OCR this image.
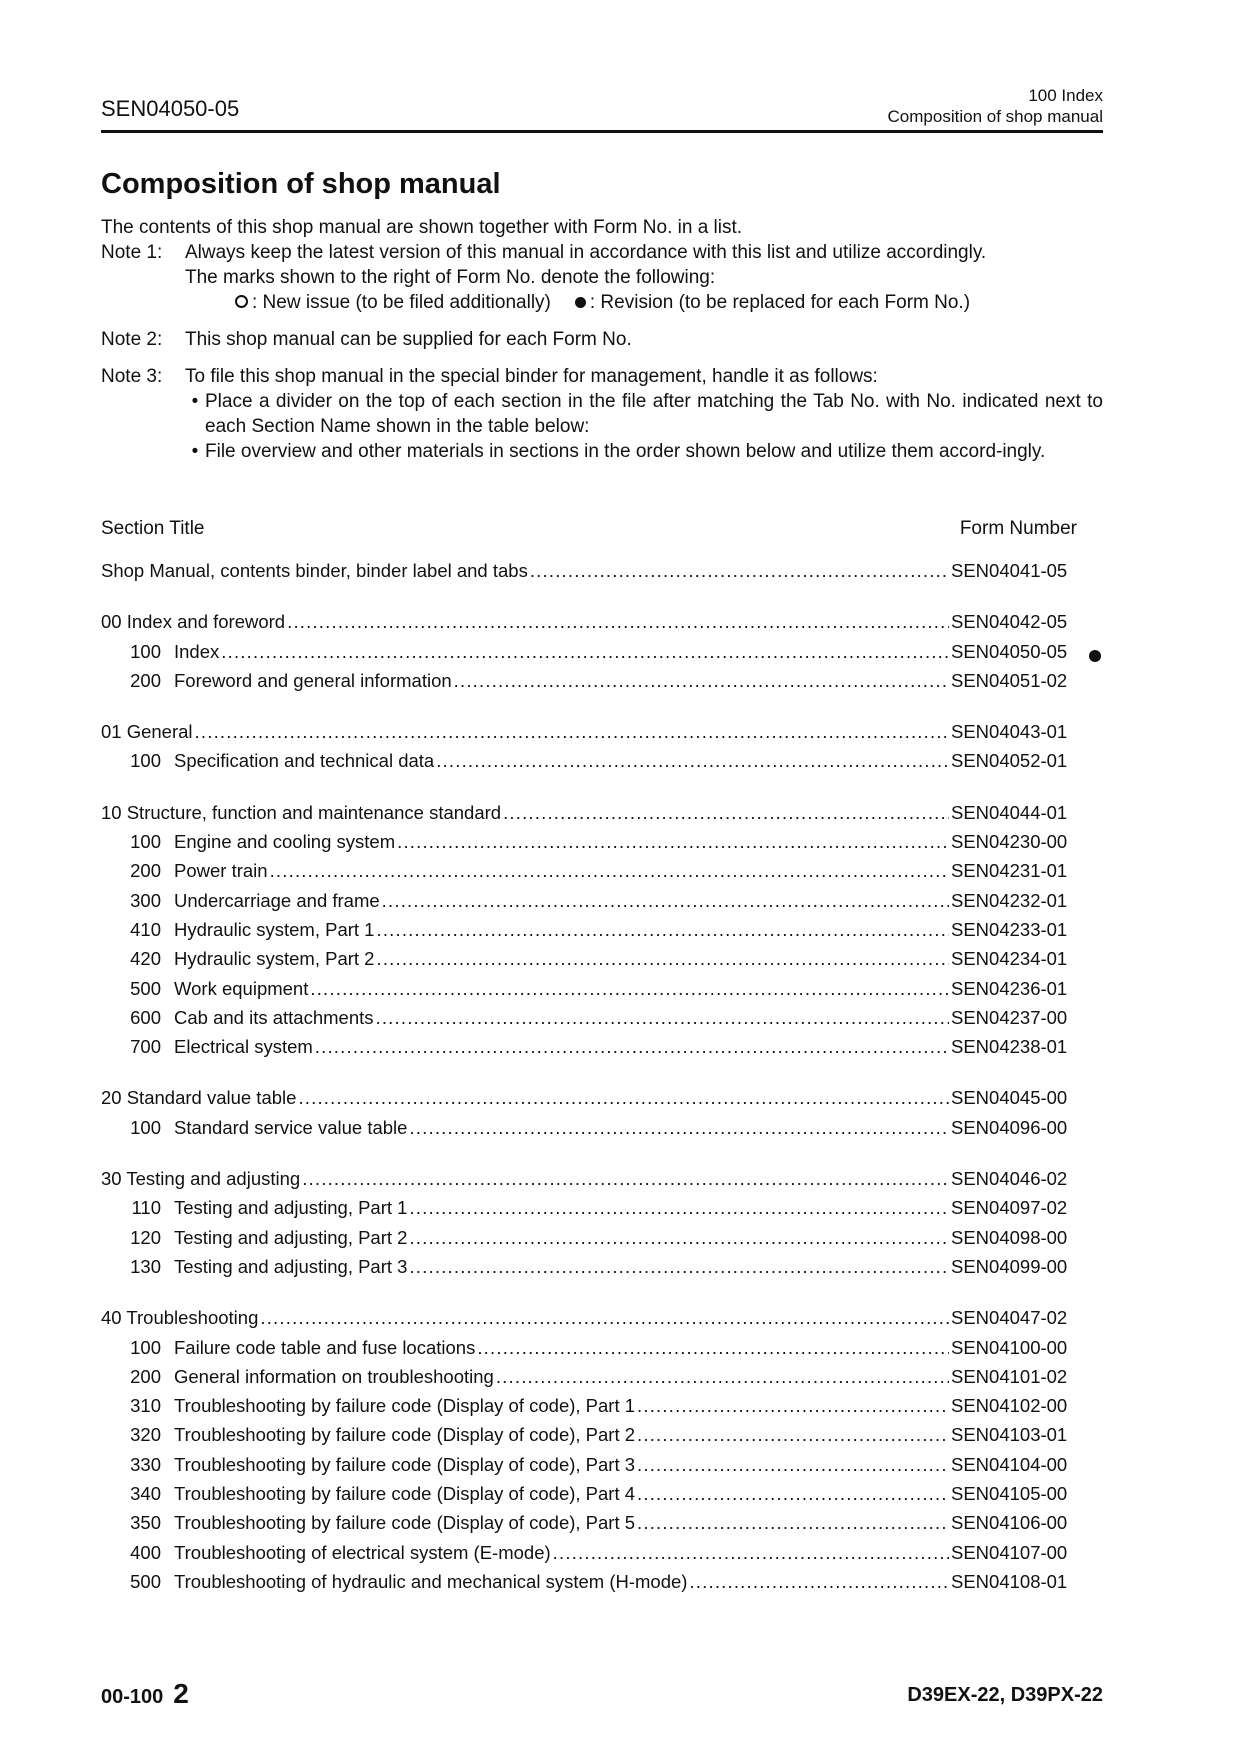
SEN04050-05
100 Index
Composition of shop manual
Composition of shop manual
The contents of this shop manual are shown together with Form No. in a list.
Note 1:	Always keep the latest version of this manual in accordance with this list and utilize accordingly.
The marks shown to the right of Form No. denote the following:
: New issue (to be filed additionally)	: Revision (to be replaced for each Form No.)
Note 2:	This shop manual can be supplied for each Form No.
Note 3:	To file this shop manual in the special binder for management, handle it as follows:
• Place a divider on the top of each section in the file after matching the Tab No. with No. indicated next to each Section Name shown in the table below:
• File overview and other materials in sections in the order shown below and utilize them accord-ingly.
Section Title	Form Number
Shop Manual, contents binder, binder label and tabs .....	SEN04041-05
00 Index and foreword .....	SEN04042-05
100 Index .....	SEN04050-05
200 Foreword and general information .....	SEN04051-02
01 General .....	SEN04043-01
100 Specification and technical data .....	SEN04052-01
10 Structure, function and maintenance standard .....	SEN04044-01
100 Engine and cooling system .....	SEN04230-00
200 Power train .....	SEN04231-01
300 Undercarriage and frame .....	SEN04232-01
410 Hydraulic system, Part 1 .....	SEN04233-01
420 Hydraulic system, Part 2 .....	SEN04234-01
500 Work equipment .....	SEN04236-01
600 Cab and its attachments .....	SEN04237-00
700 Electrical system .....	SEN04238-01
20 Standard value table .....	SEN04045-00
100 Standard service value table .....	SEN04096-00
30 Testing and adjusting .....	SEN04046-02
110 Testing and adjusting, Part 1 .....	SEN04097-02
120 Testing and adjusting, Part 2 .....	SEN04098-00
130 Testing and adjusting, Part 3 .....	SEN04099-00
40 Troubleshooting .....	SEN04047-02
100 Failure code table and fuse locations .....	SEN04100-00
200 General information on troubleshooting .....	SEN04101-02
310 Troubleshooting by failure code (Display of code), Part 1 .....	SEN04102-00
320 Troubleshooting by failure code (Display of code), Part 2 .....	SEN04103-01
330 Troubleshooting by failure code (Display of code), Part 3 .....	SEN04104-00
340 Troubleshooting by failure code (Display of code), Part 4 .....	SEN04105-00
350 Troubleshooting by failure code (Display of code), Part 5 .....	SEN04106-00
400 Troubleshooting of electrical system (E-mode) .....	SEN04107-00
500 Troubleshooting of hydraulic and mechanical system (H-mode) .....	SEN04108-01
00-100 2	D39EX-22, D39PX-22
